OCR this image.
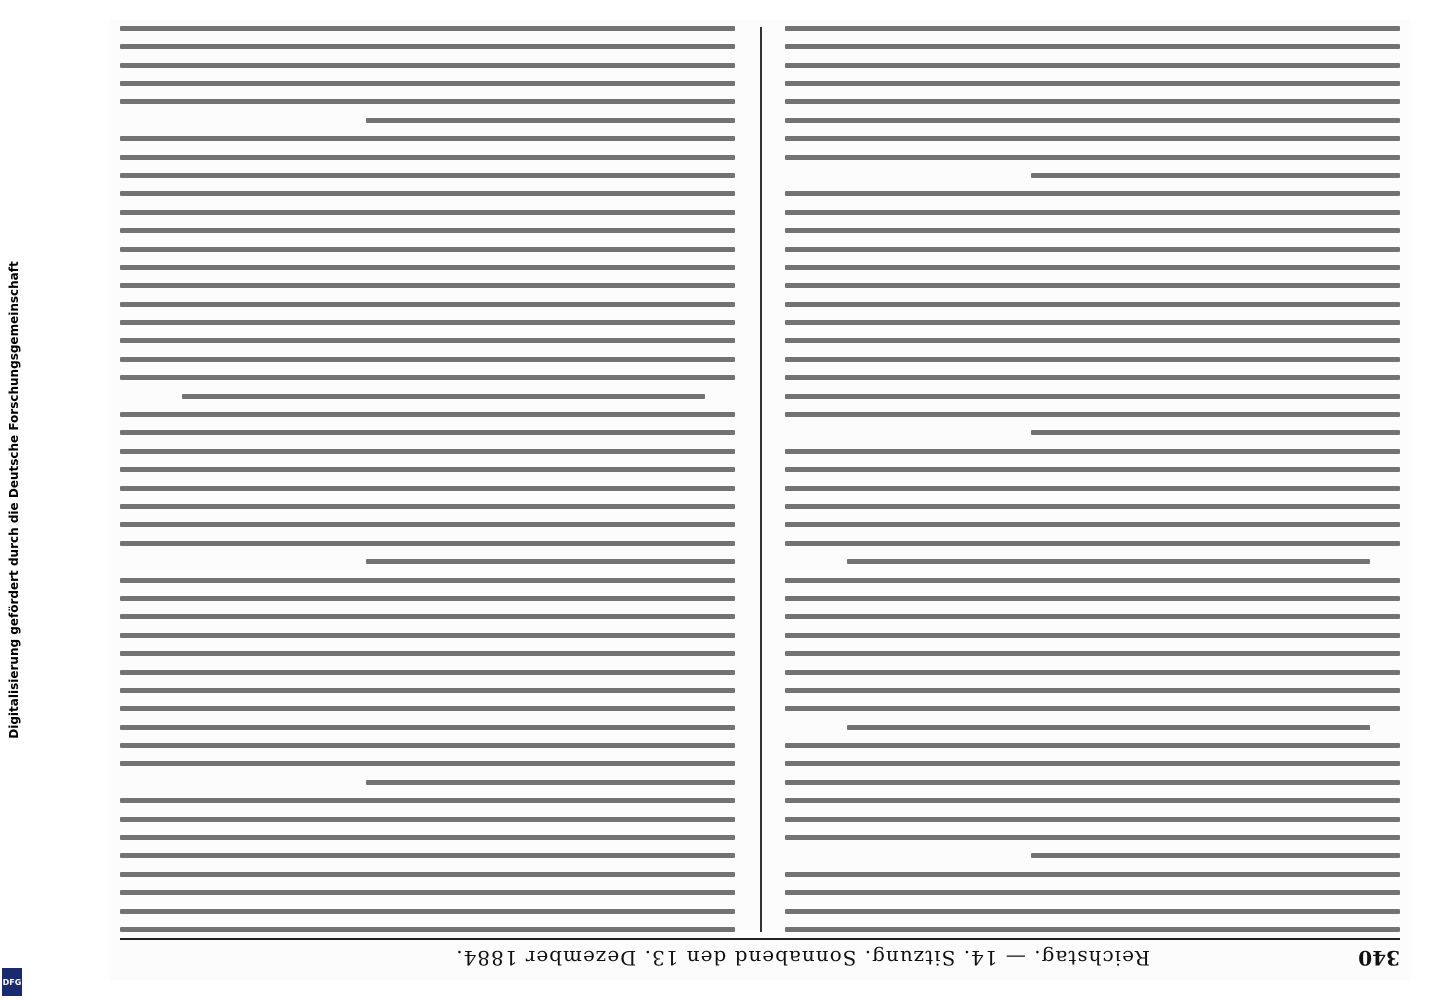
Digitalisierung gefördert durch die Deutsche Forschungsgemeinschaft
DFG
340
Reichstag. — 14. Sitzung. Sonnabend den 13. Dezember 1884.
